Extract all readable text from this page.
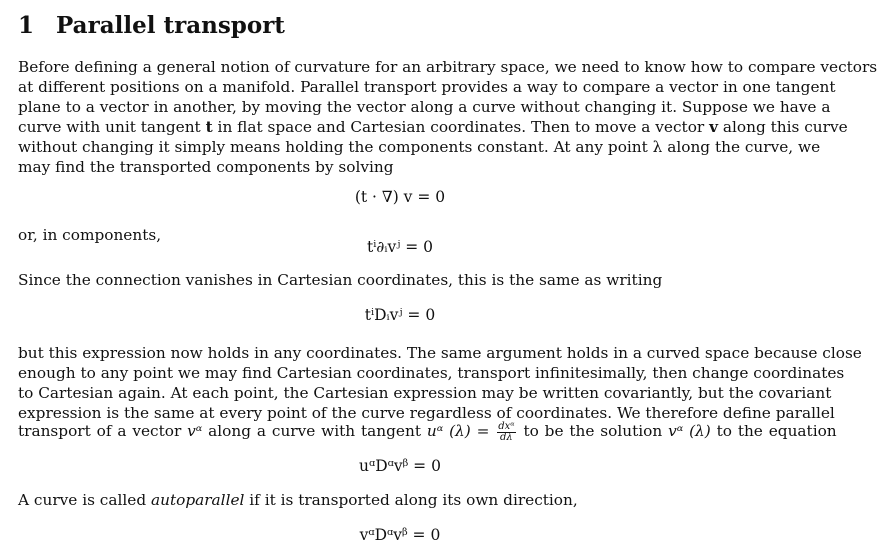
1 Parallel transport
Before defining a general notion of curvature for an arbitrary space, we need to know how to compare vectors
at different positions on a manifold. Parallel transport provides a way to compare a vector in one tangent
plane to a vector in another, by moving the vector along a curve without changing it. Suppose we have a
curve with unit tangent t in flat space and Cartesian coordinates. Then to move a vector v along this curve
without changing it simply means holding the components constant. At any point λ along the curve, we
may find the transported components by solving
(t · ∇) v = 0
or, in components,
tⁱ∂ᵢvʲ = 0
Since the connection vanishes in Cartesian coordinates, this is the same as writing
tⁱDᵢvʲ = 0
but this expression now holds in any coordinates. The same argument holds in a curved space because close
enough to any point we may find Cartesian coordinates, transport infinitesimally, then change coordinates
to Cartesian again. At each point, the Cartesian expression may be written covariantly, but the covariant
expression is the same at every point of the curve regardless of coordinates. We therefore define parallel
transport of a vector vᵅ along a curve with tangent uᵅ $(\lambda) = \frac{\text{dxᵅ}}{d\lambda}$ to be the solution vᵅ (λ) to the equation
uᵅDᵅvᵝ = 0
A curve is called autoparallel if it is transported along its own direction,
vᵅDᵅvᵝ = 0
